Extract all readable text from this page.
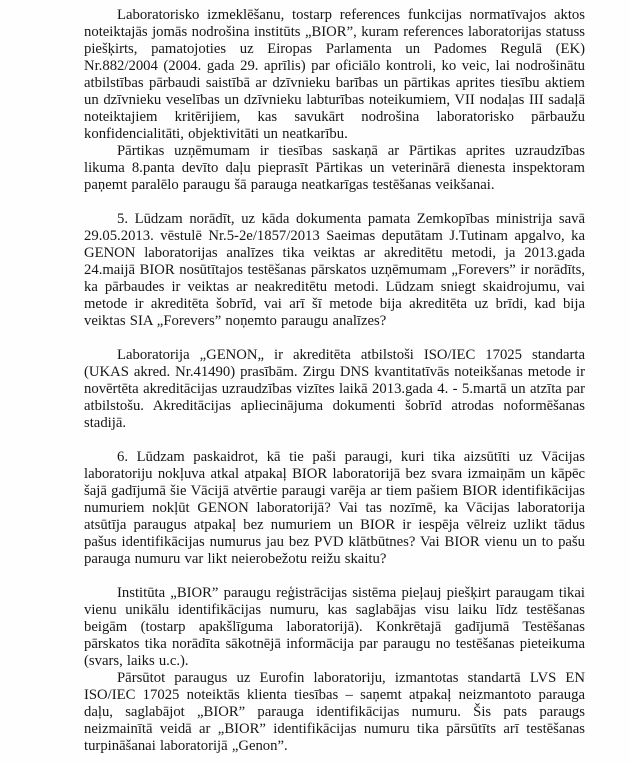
Laboratorisko izmeklēšanu, tostarp references funkcijas normatīvajos aktos noteiktajās jomās nodrošina institūts „BIOR”, kuram references laboratorijas statuss piešķirts, pamatojoties uz Eiropas Parlamenta un Padomes Regulā (EK) Nr.882/2004 (2004. gada 29. aprīlis) par oficiālo kontroli, ko veic, lai nodrošinātu atbilstības pārbaudi saistībā ar dzīvnieku barības un pārtikas aprites tiesību aktiem un dzīvnieku veselības un dzīvnieku labturības noteikumiem, VII nodaļas III sadaļā noteiktajiem kritērijiem, kas savukārt nodrošina laboratorisko pārbaužu konfidencialitāti, objektivitāti un neatkarību.

Pārtikas uzņēmumam ir tiesības saskaņā ar Pārtikas aprites uzraudzības likuma 8.panta devīto daļu pieprasīt Pārtikas un veterinārā dienesta inspektoram paņemt paralēlo paraugu šā parauga neatkarīgas testēšanas veikšanai.

5. Lūdzam norādīt, uz kāda dokumenta pamata Zemkopības ministrija savā 29.05.2013. vēstulē Nr.5-2e/1857/2013 Saeimas deputātam J.Tutinam apgalvo, ka GENON laboratorijas analīzes tika veiktas ar akreditētu metodi, ja 2013.gada 24.maijā BIOR nosūtītajos testēšanas pārskatos uzņēmumam „Forevers” ir norādīts, ka pārbaudes ir veiktas ar neakreditētu metodi. Lūdzam sniegt skaidrojumu, vai metode ir akreditēta šobrīd, vai arī šī metode bija akreditēta uz brīdi, kad bija veiktas SIA „Forevers” noņemto paraugu analīzes?

Laboratorija „GENON„ ir akreditēta atbilstoši ISO/IEC 17025 standarta (UKAS akred. Nr.41490) prasībām. Zirgu DNS kvantitatīvās noteikšanas metode ir novērtēta akreditācijas uzraudzības vizītes laikā 2013.gada 4. - 5.martā un atzīta par atbilstošu. Akreditācijas apliecinājuma dokumenti šobrīd atrodas noformēšanas stadijā.

6. Lūdzam paskaidrot, kā tie paši paraugi, kuri tika aizsūtīti uz Vācijas laboratoriju nokļuva atkal atpakaļ BIOR laboratorijā bez svara izmaiņām un kāpēc šajā gadījumā šie Vācijā atvērtie paraugi varēja ar tiem pašiem BIOR identifikācijas numuriem nokļūt GENON laboratorijā? Vai tas nozīmē, ka Vācijas laboratorija atsūtīja paraugus atpakaļ bez numuriem un BIOR ir iespēja vēlreiz uzlikt tādus pašus identifikācijas numurus jau bez PVD klātbūtnes? Vai BIOR vienu un to pašu parauga numuru var likt neierobežotu reižu skaitu?

Institūta „BIOR” paraugu reģistrācijas sistēma pieļauj piešķirt paraugam tikai vienu unikālu identifikācijas numuru, kas saglabājas visu laiku līdz testēšanas beigām (tostarp apakšlīguma laboratorijā). Konkrētajā gadījumā Testēšanas pārskatos tika norādīta sākotnējā informācija par paraugu no testēšanas pieteikuma (svars, laiks u.c.).

Pārsūtot paraugus uz Eurofin laboratoriju, izmantotas standartā LVS EN ISO/IEC 17025 noteiktās klienta tiesības – saņemt atpakaļ neizmantoto parauga daļu, saglabājot „BIOR” parauga identifikācijas numuru. Šis pats paraugs neizmainītā veidā ar „BIOR” identifikācijas numuru tika pārsūtīts arī testēšanas turpināšanai laboratorijā „Genon”.
